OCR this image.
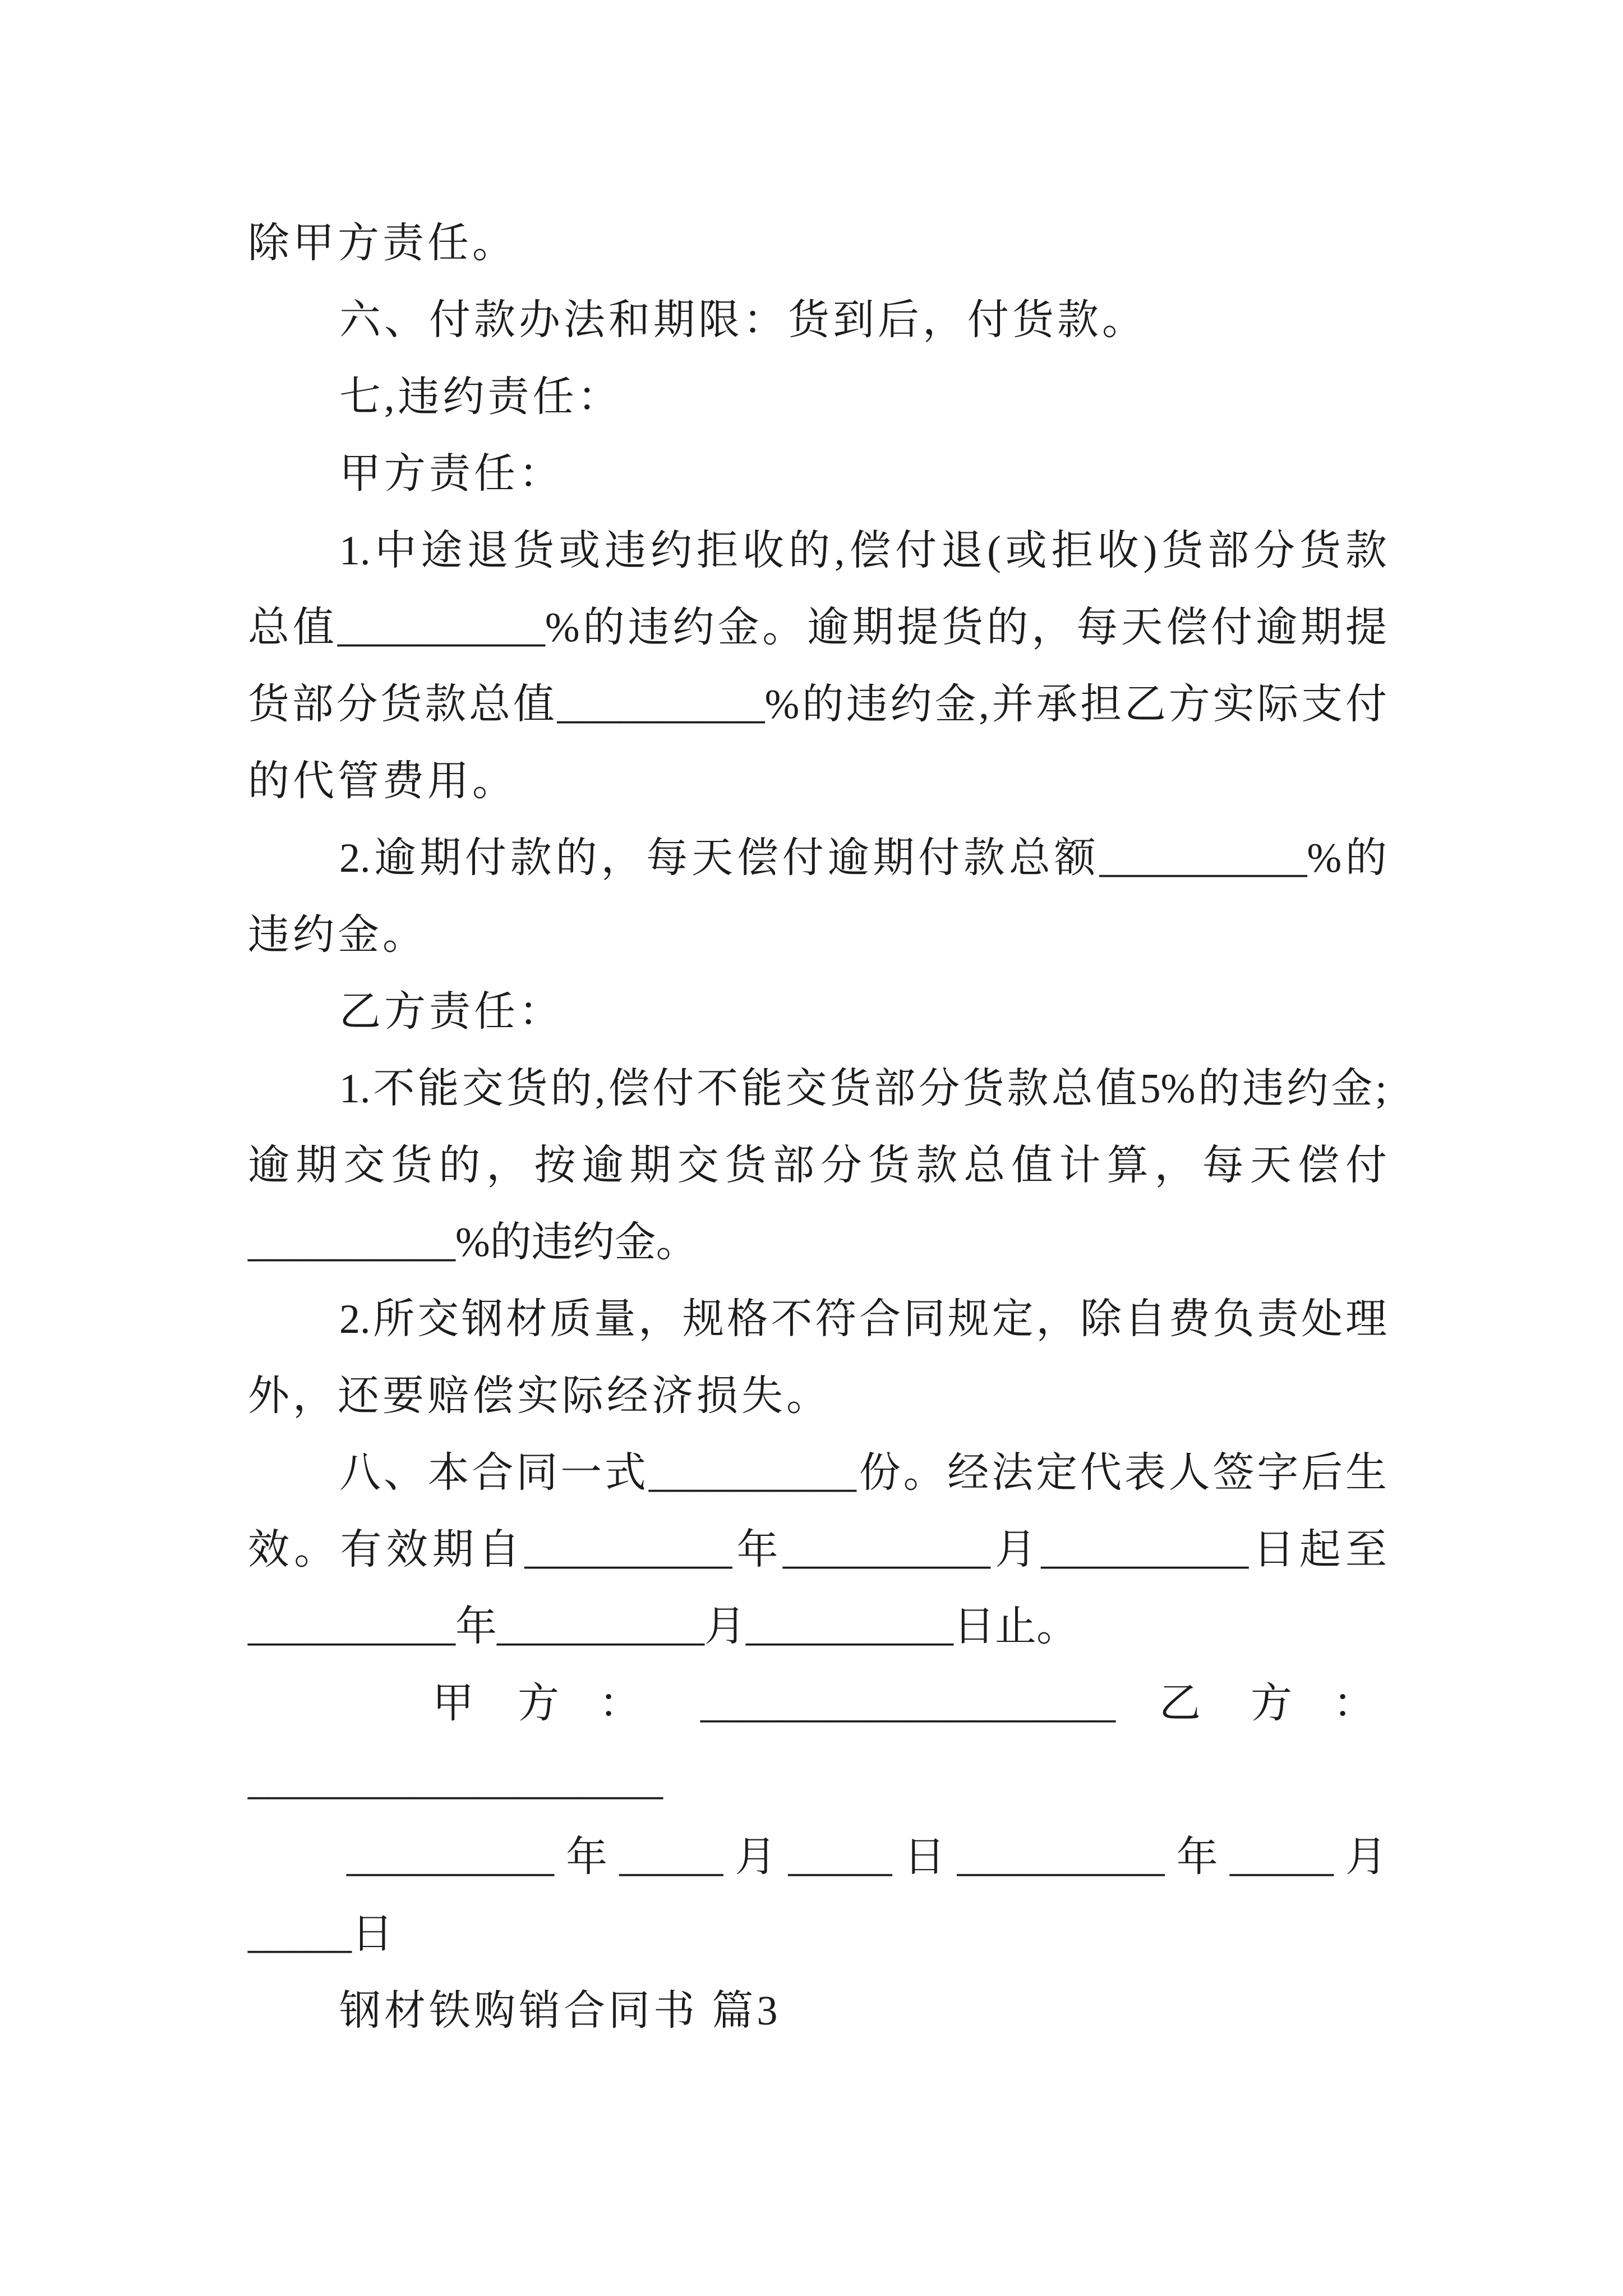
除甲方责任。
六、付款办法和期限：货到后，付货款。
七,违约责任：
甲方责任：
1.中途退货或违约拒收的,偿付退(或拒收)货部分货款
总值__________%的违约金。逾期提货的，每天偿付逾期提
货部分货款总值__________%的违约金,并承担乙方实际支付
的代管费用。
2.逾期付款的，每天偿付逾期付款总额__________%的
违约金。
乙方责任：
1.不能交货的,偿付不能交货部分货款总值5%的违约金;
逾期交货的，按逾期交货部分货款总值计算，每天偿付
__________%的违约金。
2.所交钢材质量，规格不符合同规定，除自费负责处理
外，还要赔偿实际经济损失。
八、本合同一式__________份。经法定代表人签字后生
效。有效期自__________年__________月__________日起至
__________年__________月__________日止。
甲 方 ： ____________________ 乙 方 ：
____________________
__________年_____月_____日__________年_____月
_____日
钢材铁购销合同书 篇3
